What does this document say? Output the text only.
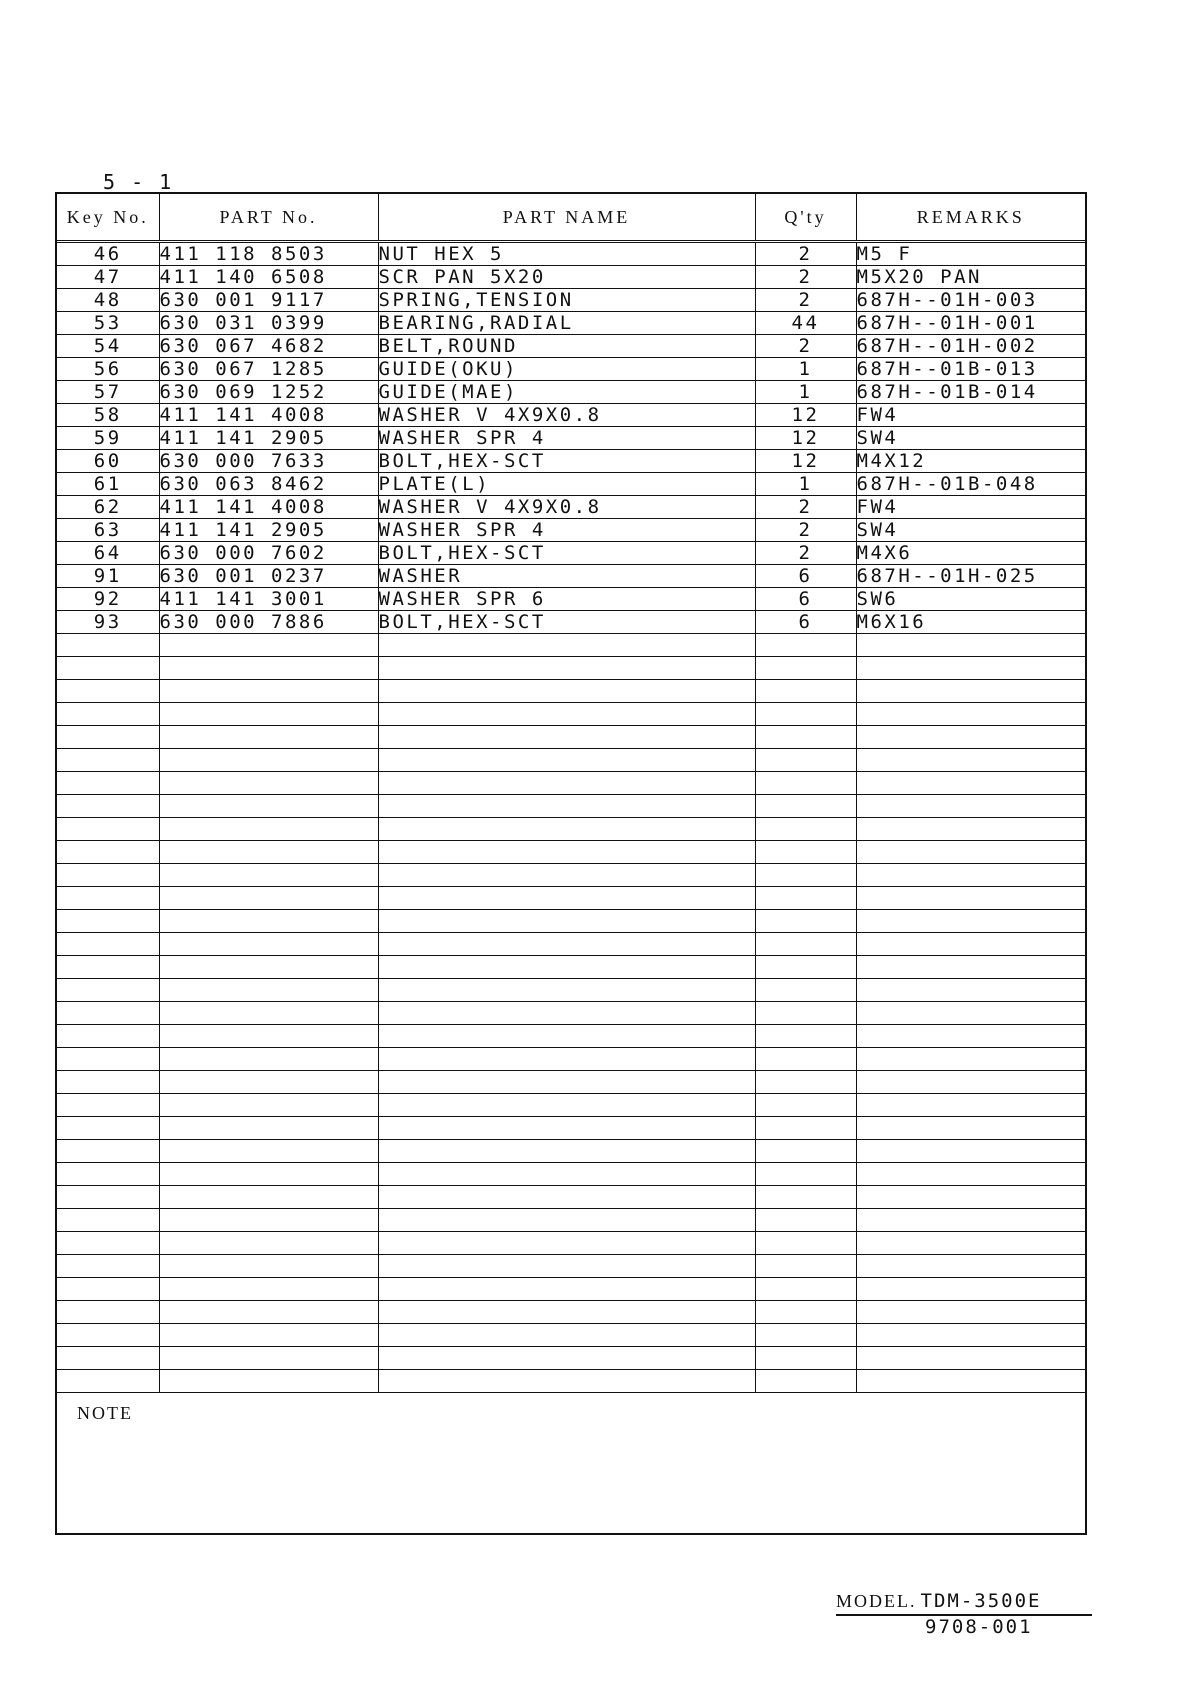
5 - 1
Key No.	PART No.	PART NAME	Q'ty	REMARKS
46	411 118 8503	NUT HEX 5	2	M5 F
47	411 140 6508	SCR PAN 5X20	2	M5X20 PAN
48	630 001 9117	SPRING,TENSION	2	687H--01H-003
53	630 031 0399	BEARING,RADIAL	44	687H--01H-001
54	630 067 4682	BELT,ROUND	2	687H--01H-002
56	630 067 1285	GUIDE(OKU)	1	687H--01B-013
57	630 069 1252	GUIDE(MAE)	1	687H--01B-014
58	411 141 4008	WASHER V 4X9X0.8	12	FW4
59	411 141 2905	WASHER SPR 4	12	SW4
60	630 000 7633	BOLT,HEX-SCT	12	M4X12
61	630 063 8462	PLATE(L)	1	687H--01B-048
62	411 141 4008	WASHER V 4X9X0.8	2	FW4
63	411 141 2905	WASHER SPR 4	2	SW4
64	630 000 7602	BOLT,HEX-SCT	2	M4X6
91	630 001 0237	WASHER	6	687H--01H-025
92	411 141 3001	WASHER SPR 6	6	SW6
93	630 000 7886	BOLT,HEX-SCT	6	M6X16

NOTE
MODEL. TDM-3500E
9708-001
